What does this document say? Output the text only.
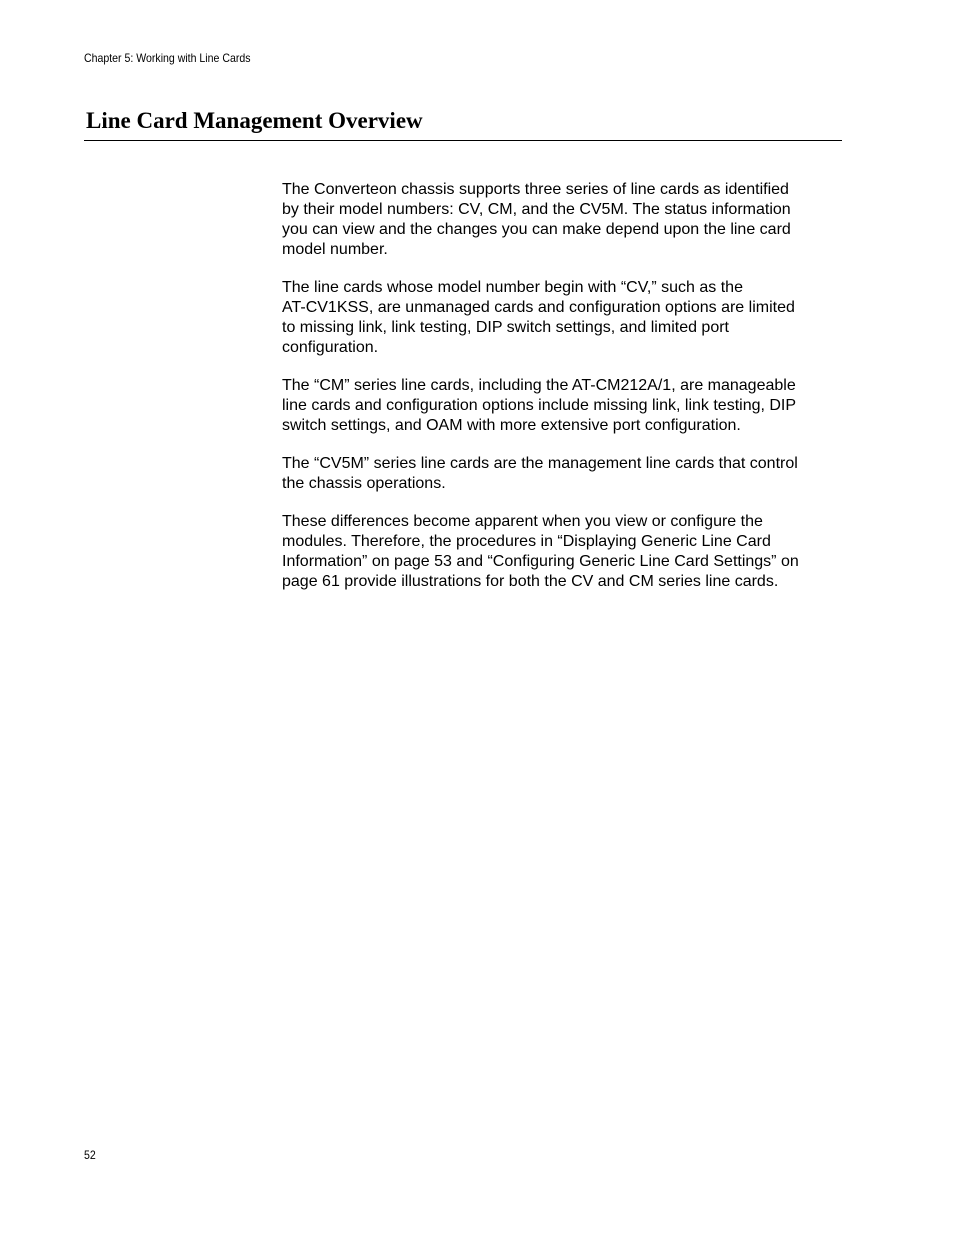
Chapter 5: Working with Line Cards
Line Card Management Overview

The Converteon chassis supports three series of line cards as identified
by their model numbers: CV, CM, and the CV5M. The status information
you can view and the changes you can make depend upon the line card
model number.

The line cards whose model number begin with “CV,” such as the
AT-CV1KSS, are unmanaged cards and configuration options are limited
to missing link, link testing, DIP switch settings, and limited port
configuration.

The “CM” series line cards, including the AT-CM212A/1, are manageable
line cards and configuration options include missing link, link testing, DIP
switch settings, and OAM with more extensive port configuration.

The “CV5M” series line cards are the management line cards that control
the chassis operations.

These differences become apparent when you view or configure the
modules. Therefore, the procedures in “Displaying Generic Line Card
Information” on page 53 and “Configuring Generic Line Card Settings” on
page 61 provide illustrations for both the CV and CM series line cards.

52
